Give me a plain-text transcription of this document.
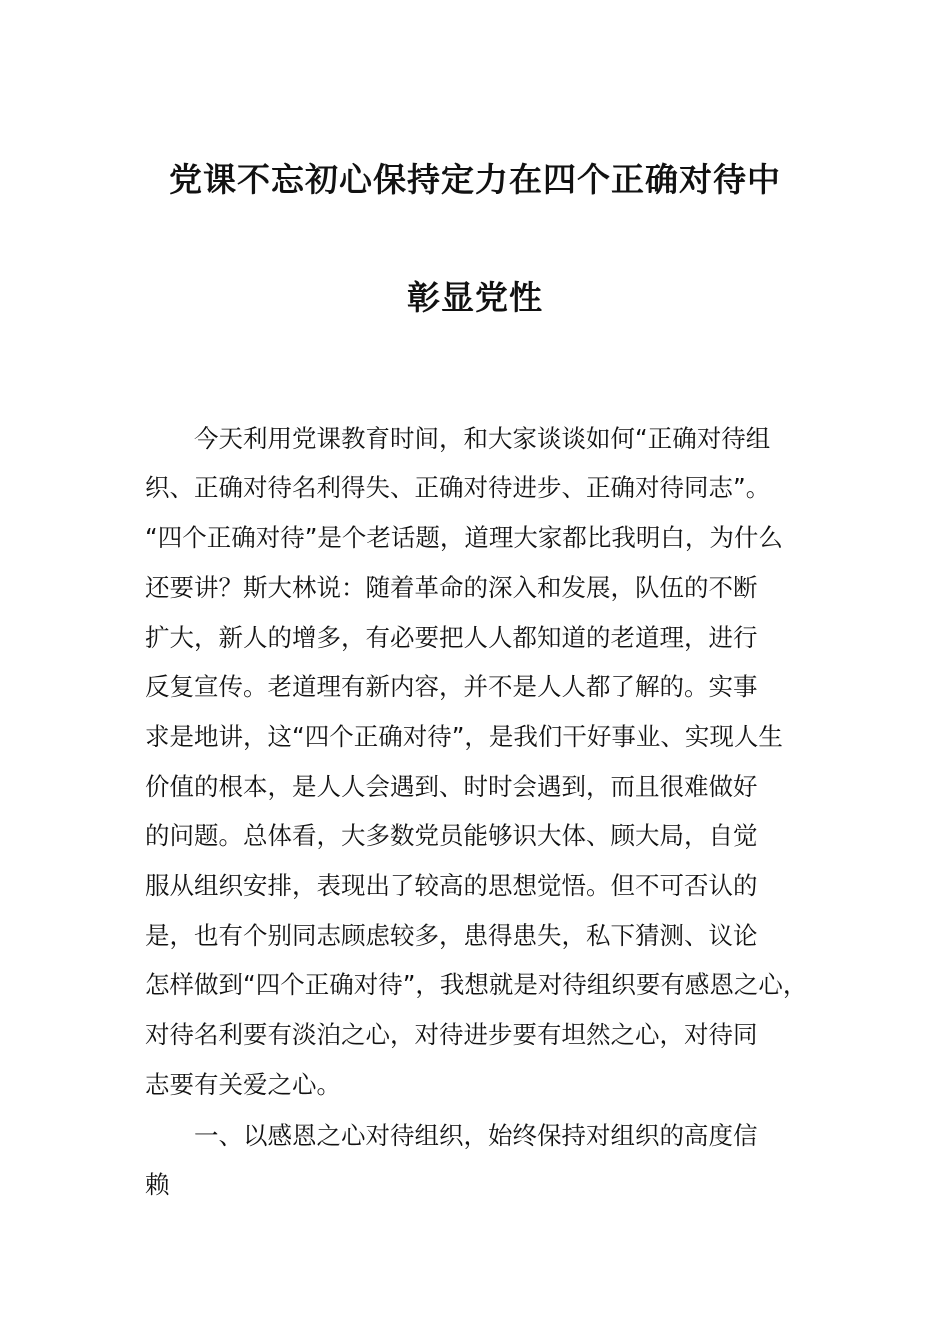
党课不忘初心保持定力在四个正确对待中
彰显党性
今天利用党课教育时间，和大家谈谈如何“正确对待组
织、正确对待名利得失、正确对待进步、正确对待同志”。
“四个正确对待”是个老话题，道理大家都比我明白，为什么
还要讲？斯大林说：随着革命的深入和发展，队伍的不断
扩大，新人的增多，有必要把人人都知道的老道理，进行
反复宣传。老道理有新内容，并不是人人都了解的。实事
求是地讲，这“四个正确对待”，是我们干好事业、实现人生
价值的根本，是人人会遇到、时时会遇到，而且很难做好
的问题。总体看，大多数党员能够识大体、顾大局，自觉
服从组织安排，表现出了较高的思想觉悟。但不可否认的
是，也有个别同志顾虑较多，患得患失，私下猜测、议论
怎样做到“四个正确对待”，我想就是对待组织要有感恩之心，
对待名利要有淡泊之心，对待进步要有坦然之心，对待同
志要有关爱之心。
一、以感恩之心对待组织，始终保持对组织的高度信
赖
